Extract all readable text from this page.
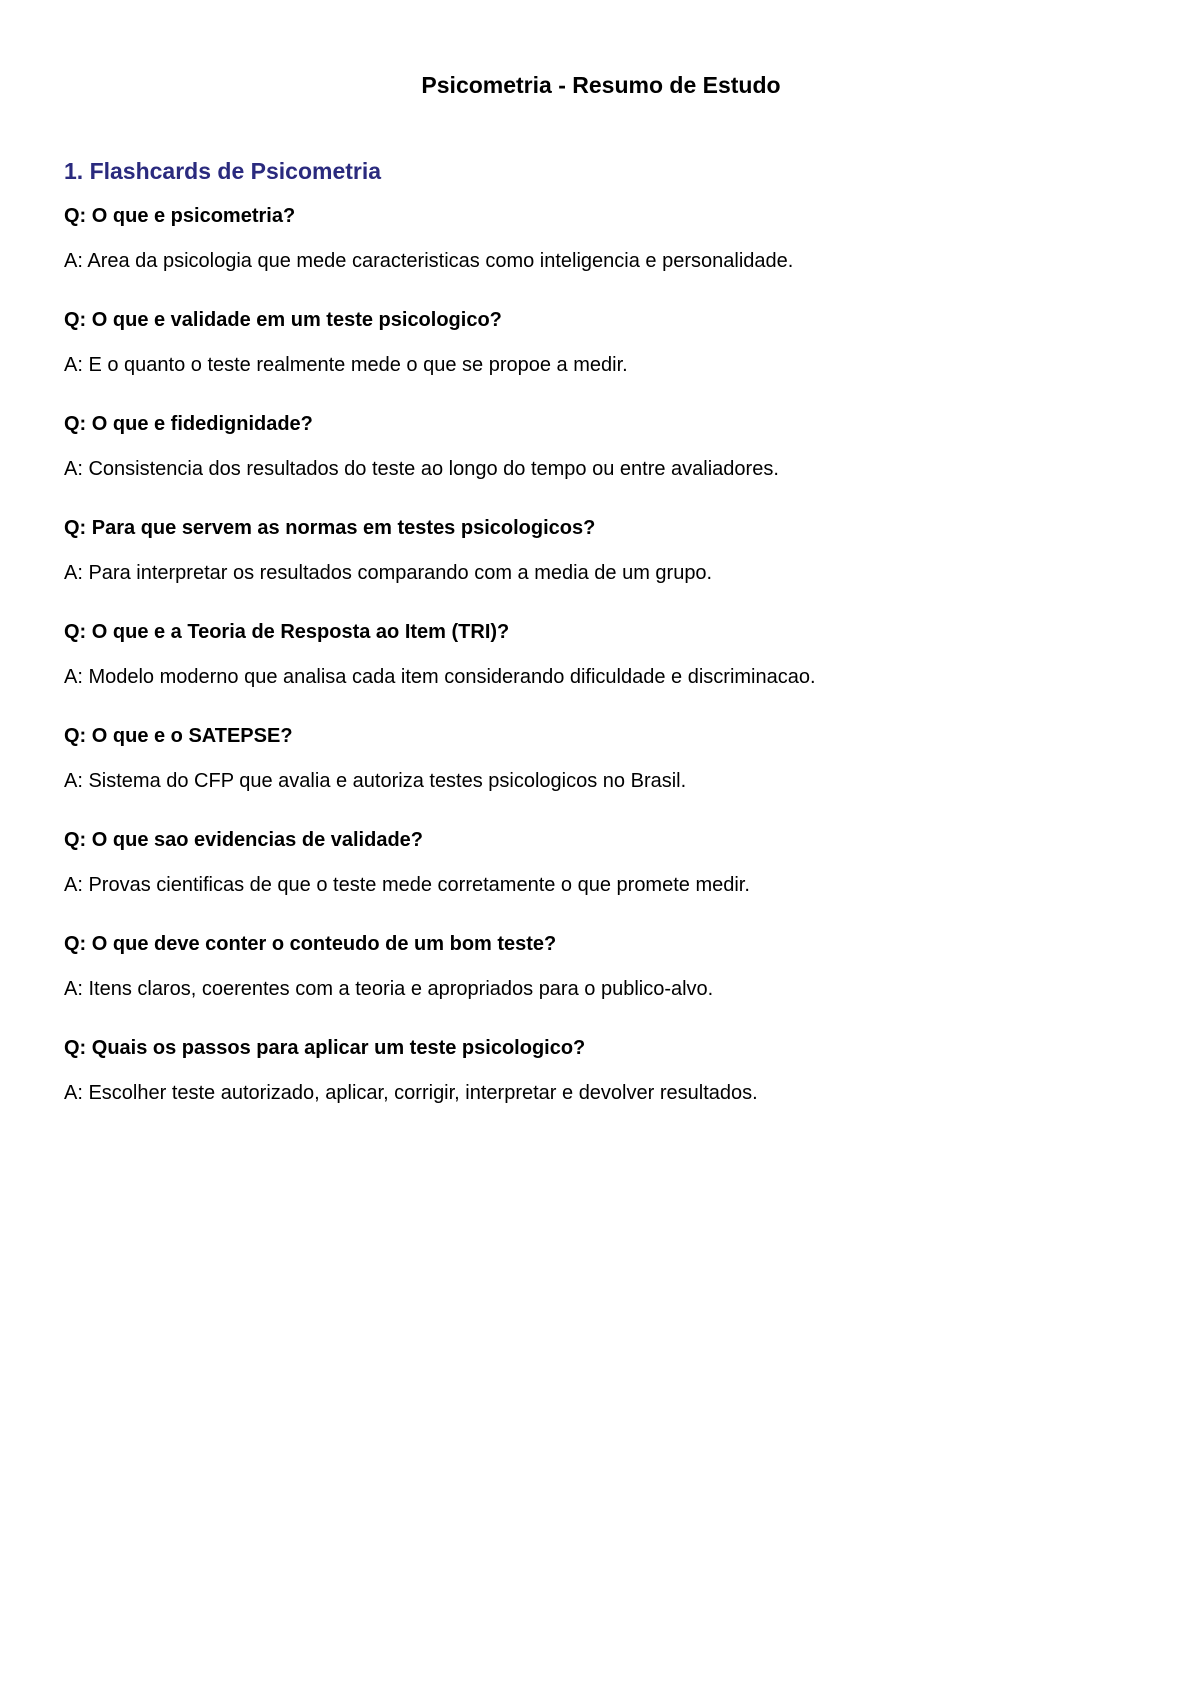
Psicometria - Resumo de Estudo
1. Flashcards de Psicometria

Q: O que e psicometria?

A: Area da psicologia que mede caracteristicas como inteligencia e personalidade.

Q: O que e validade em um teste psicologico?

A: E o quanto o teste realmente mede o que se propoe a medir.

Q: O que e fidedignidade?

A: Consistencia dos resultados do teste ao longo do tempo ou entre avaliadores.

Q: Para que servem as normas em testes psicologicos?

A: Para interpretar os resultados comparando com a media de um grupo.

Q: O que e a Teoria de Resposta ao Item (TRI)?

A: Modelo moderno que analisa cada item considerando dificuldade e discriminacao.

Q: O que e o SATEPSE?

A: Sistema do CFP que avalia e autoriza testes psicologicos no Brasil.

Q: O que sao evidencias de validade?

A: Provas cientificas de que o teste mede corretamente o que promete medir.

Q: O que deve conter o conteudo de um bom teste?

A: Itens claros, coerentes com a teoria e apropriados para o publico-alvo.

Q: Quais os passos para aplicar um teste psicologico?

A: Escolher teste autorizado, aplicar, corrigir, interpretar e devolver resultados.
